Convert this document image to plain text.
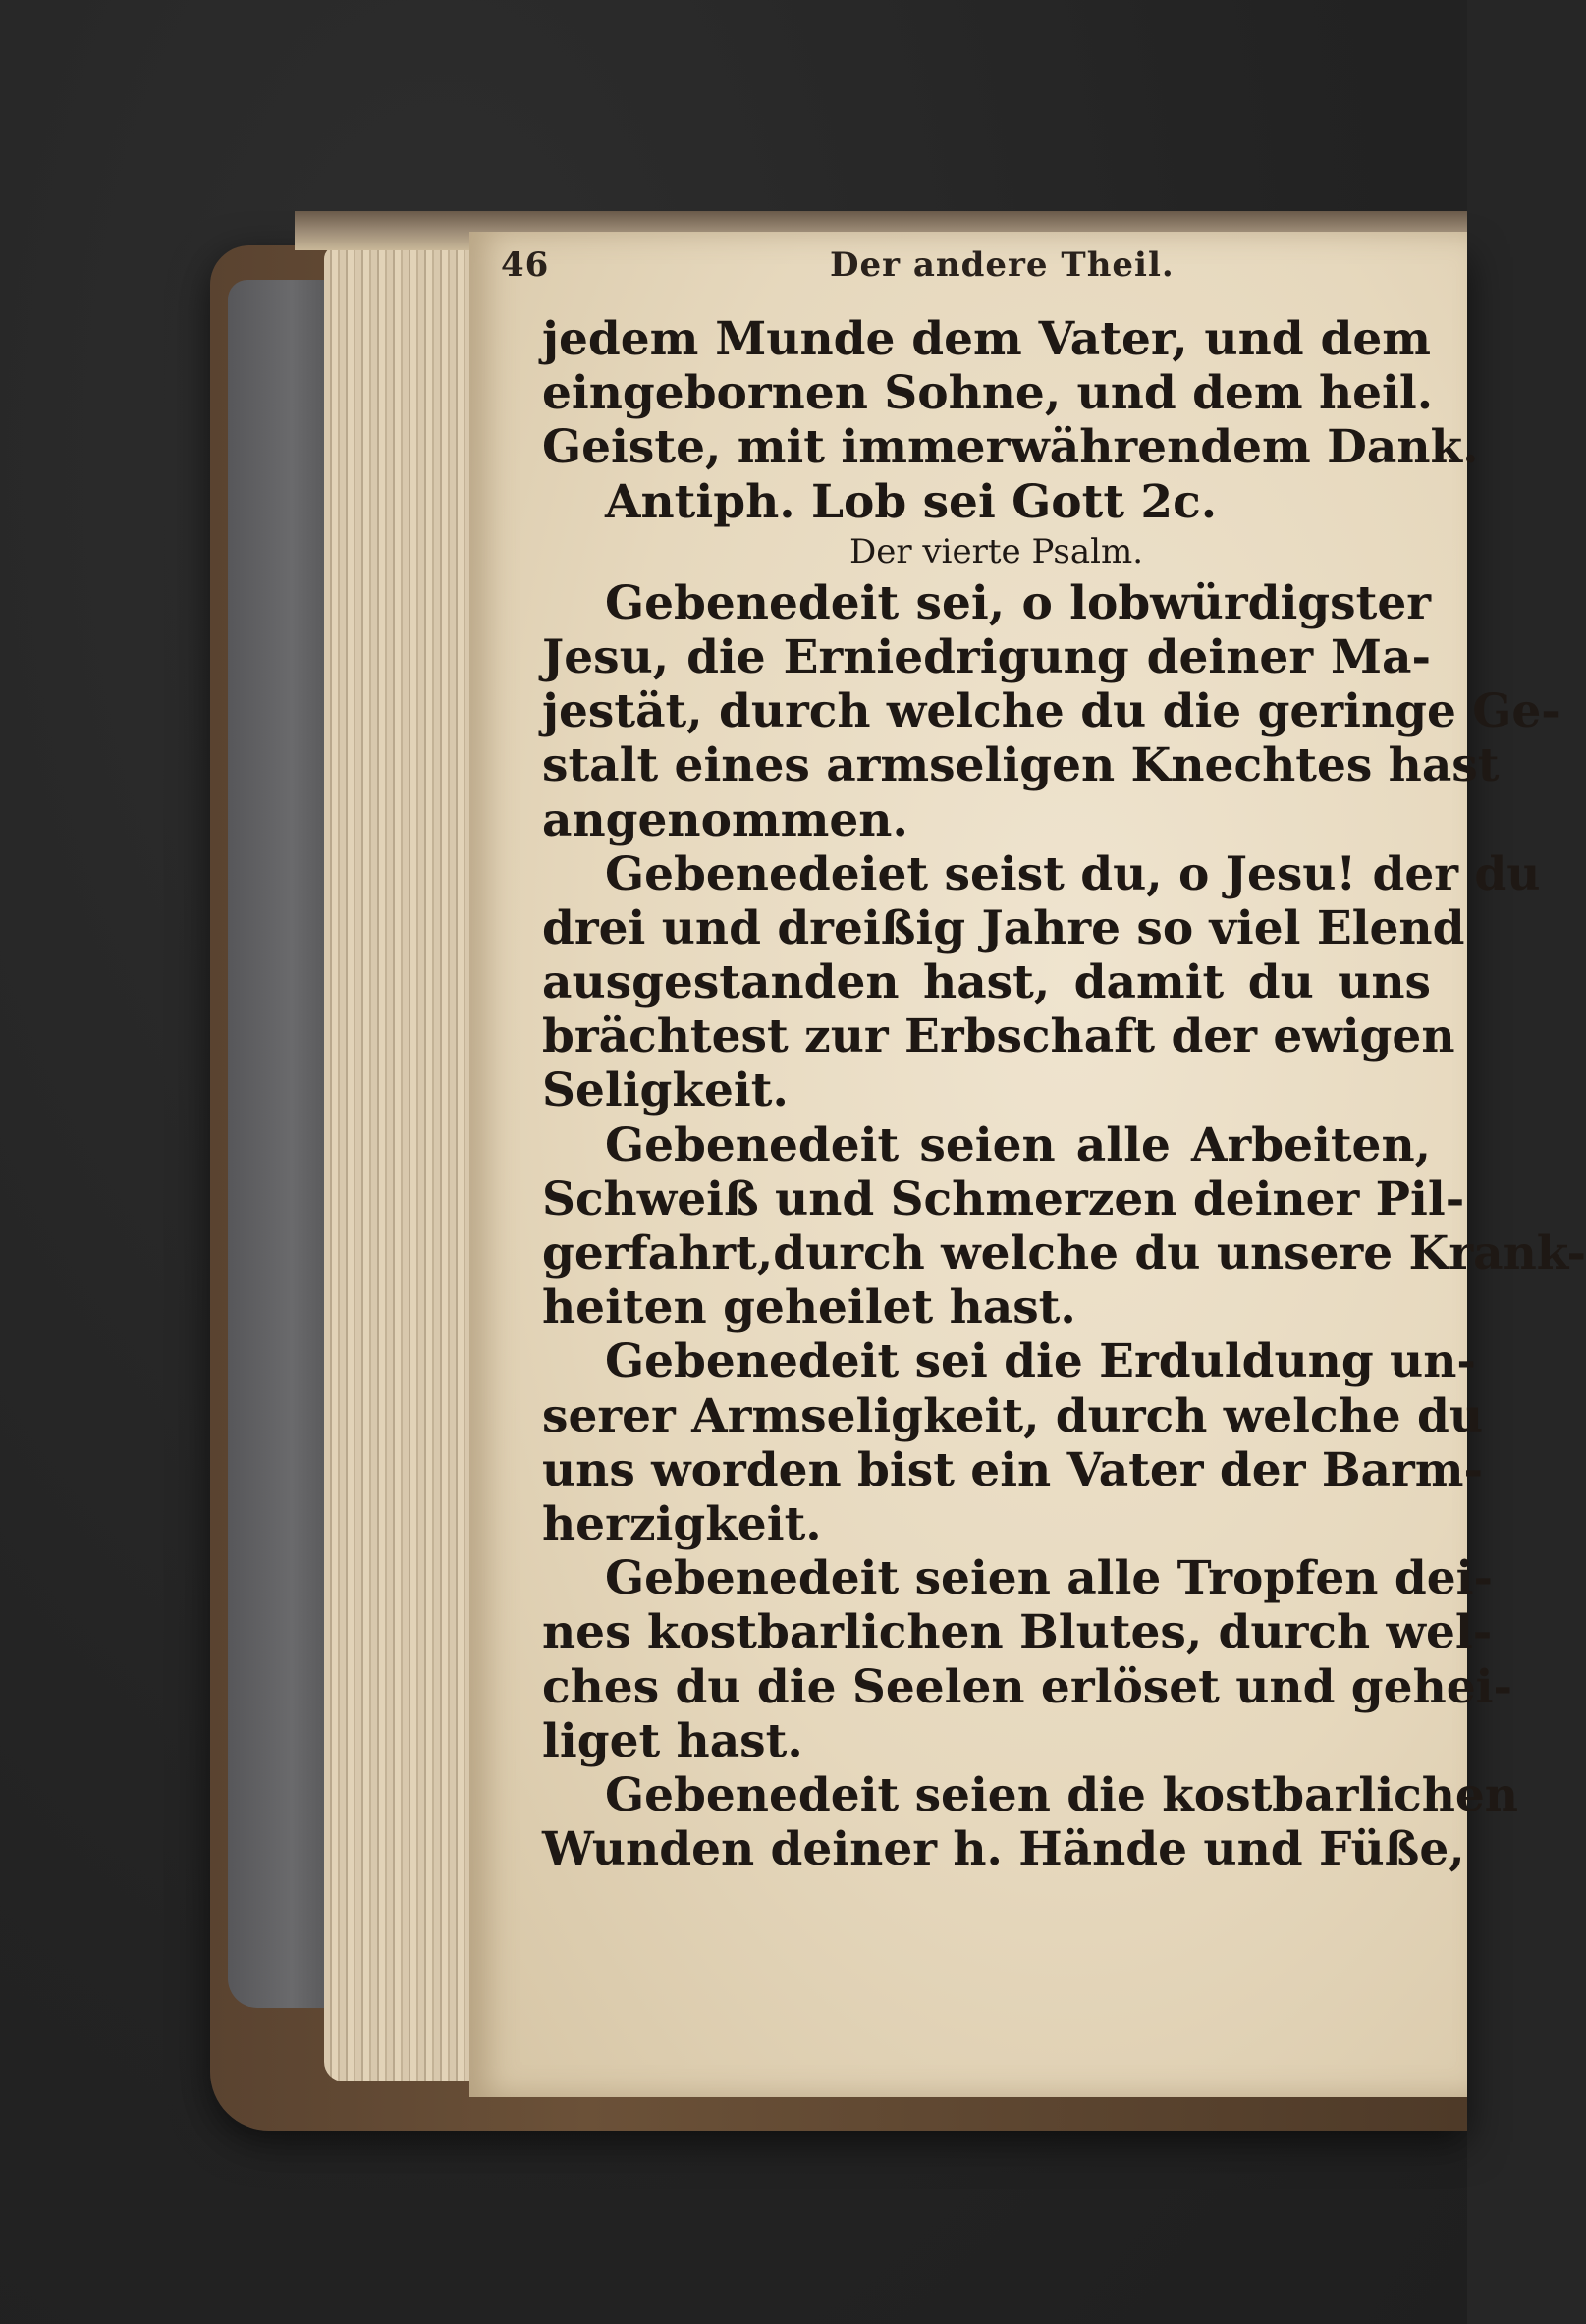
46	Der andere Theil.
jedem Munde dem Vater, und dem
eingebornen Sohne, und dem heil.
Geiste, mit immerwährendem Dank.
Antiph. Lob sei Gott 2c.
Der vierte Psalm.
Gebenedeit sei, o lobwürdigster
Jesu, die Erniedrigung deiner Ma-
jestät, durch welche du die geringe Ge-
stalt eines armseligen Knechtes hast
angenommen.
Gebenedeiet seist du, o Jesu! der du
drei und dreißig Jahre so viel Elend
ausgestanden hast, damit du uns
brächtest zur Erbschaft der ewigen
Seligkeit.
Gebenedeit seien alle Arbeiten,
Schweiß und Schmerzen deiner Pil-
gerfahrt,durch welche du unsere Krank-
heiten geheilet hast.
Gebenedeit sei die Erduldung un-
serer Armseligkeit, durch welche du
uns worden bist ein Vater der Barm-
herzigkeit.
Gebenedeit seien alle Tropfen dei-
nes kostbarlichen Blutes, durch wel-
ches du die Seelen erlöset und gehei-
liget hast.
Gebenedeit seien die kostbarlichen
Wunden deiner h. Hände und Füße,
